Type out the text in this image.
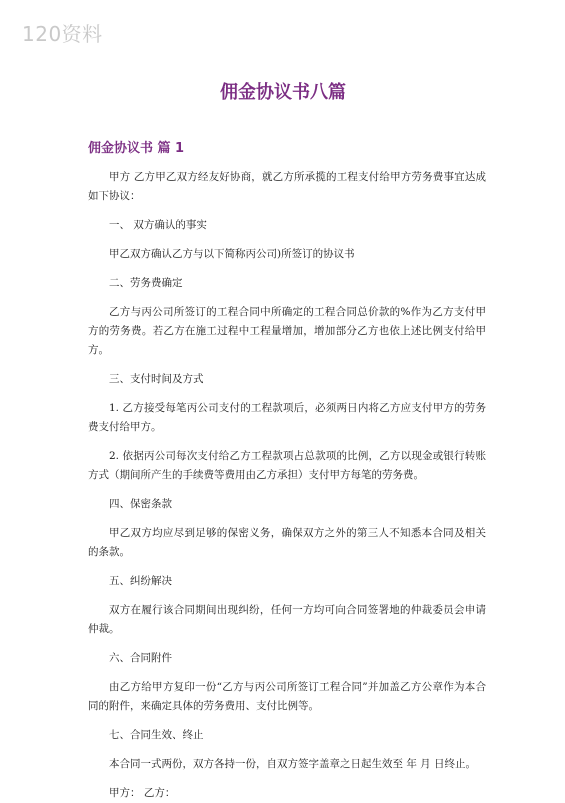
120资料
佣金协议书八篇
佣金协议书 篇 1

甲方 乙方甲乙双方经友好协商，就乙方所承揽的工程支付给甲方劳务费事宜达成如下协议：

一、 双方确认的事实

甲乙双方确认乙方与以下简称丙公司)所签订的协议书

二、劳务费确定

乙方与丙公司所签订的工程合同中所确定的工程合同总价款的%作为乙方支付甲方的劳务费。若乙方在施工过程中工程量增加，增加部分乙方也依上述比例支付给甲方。

三、支付时间及方式

1. 乙方接受每笔丙公司支付的工程款项后，必须两日内将乙方应支付甲方的劳务费支付给甲方。

2. 依据丙公司每次支付给乙方工程款项占总款项的比例，乙方以现金或银行转账方式（期间所产生的手续费等费用由乙方承担）支付甲方每笔的劳务费。

四、保密条款

甲乙双方均应尽到足够的保密义务，确保双方之外的第三人不知悉本合同及相关的条款。

五、纠纷解决

双方在履行该合同期间出现纠纷，任何一方均可向合同签署地的仲裁委员会申请仲裁。

六、合同附件

由乙方给甲方复印一份“乙方与丙公司所签订工程合同”并加盖乙方公章作为本合同的附件，来确定具体的劳务费用、支付比例等。

七、合同生效、终止

本合同一式两份，双方各持一份，自双方签字盖章之日起生效至 年 月 日终止。

甲方： 乙方：
